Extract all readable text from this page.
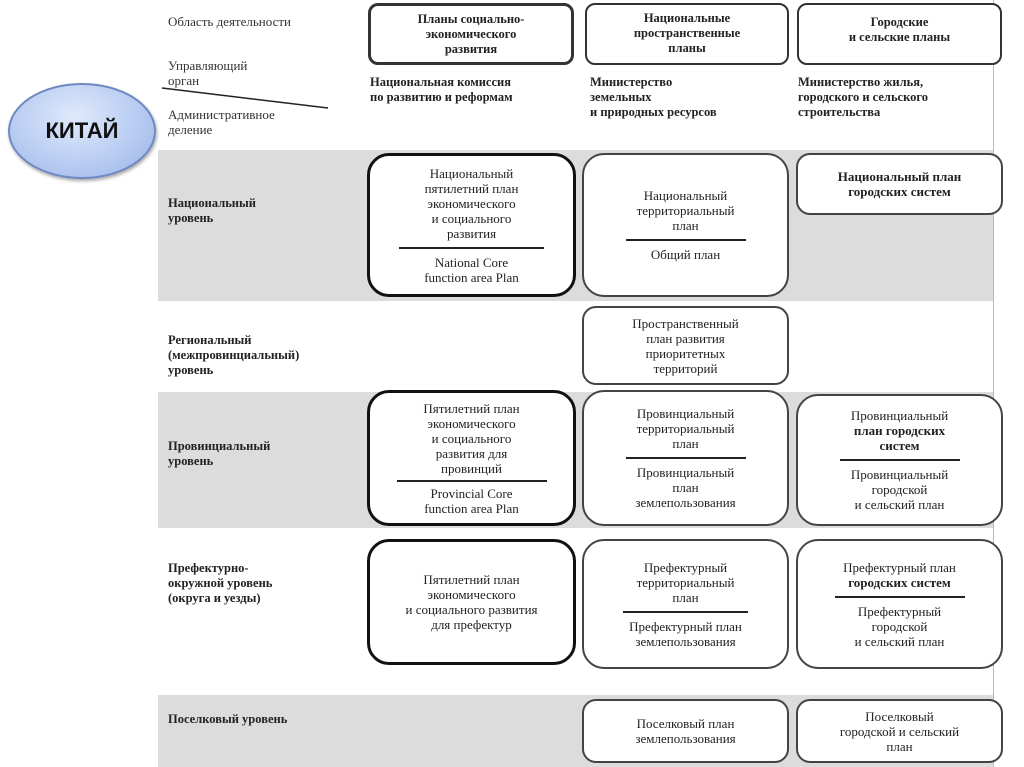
КИТАЙ
Область деятельности
Управляющий
орган
Административное
деление
Планы социально-
экономического
развития
Национальные
пространственные
планы
Городские
и сельские планы
Национальная комиссия
по развитию и реформам
Министерство
земельных
и природных ресурсов
Министерство жилья,
городского и сельского
строительства
Национальный
уровень
Региональный
(межпровинциальный)
уровень
Провинциальный
уровень
Префектурно-
окружной уровень
(округа и уезды)
Поселковый уровень
Национальный
пятилетний план
экономического
и социального
развития
National Core
function area Plan
Национальный
территориальный
план
Общий план
Национальный план
городских систем
Пространственный
план развития
приоритетных
территорий
Пятилетний план
экономического
и социального
развития для
провинций
Provincial Core
function area Plan
Провинциальный
территориальный
план
Провинциальный
план
землепользования
Провинциальный
план городских
систем
Провинциальный
городской
и сельский план
Пятилетний план
экономического
и социального развития
для префектур
Префектурный
территориальный
план
Префектурный план
землепользования
Префектурный план
городских систем
Префектурный
городской
и сельский план
Поселковый план
землепользования
Поселковый
городской и сельский
план
